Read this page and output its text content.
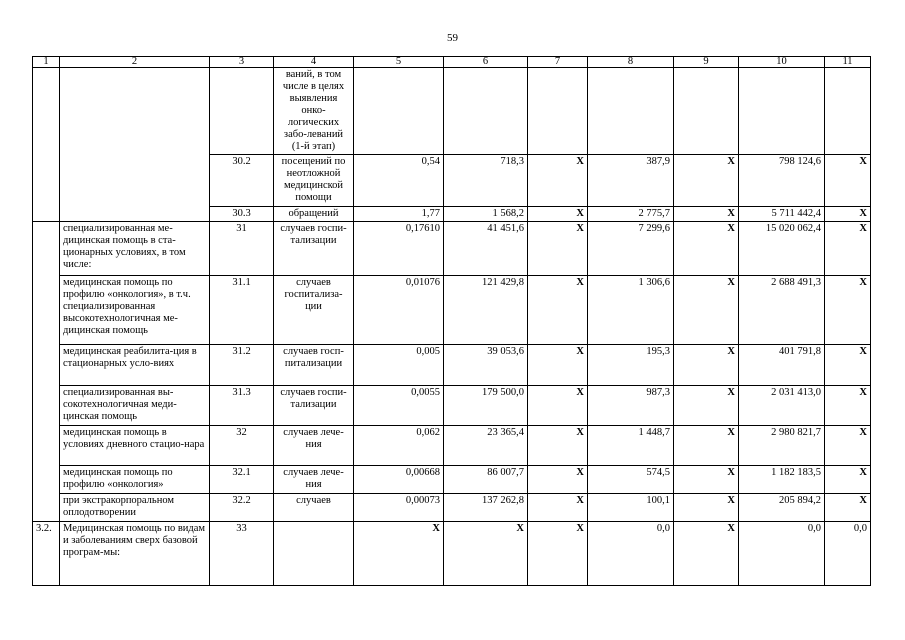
59
1	2	3	4	5	6	7	8	9	10	11
			ваний, в том числе в целях выявления онко-логических забо-леваний (1-й этап)							
		30.2	посещений по неотложной медицинской помощи	0,54	718,3	X	387,9	X	798 124,6	X
		30.3	обращений	1,77	1 568,2	X	2 775,7	X	5 711 442,4	X
	специализированная ме-дицинская помощь в ста-ционарных условиях, в том числе:	31	случаев госпи-тализации	0,17610	41 451,6	X	7 299,6	X	15 020 062,4	X
	медицинская помощь по профилю «онкология», в т.ч. специализированная высокотехнологичная ме-дицинская помощь	31.1	случаев госпитализа-ции	0,01076	121 429,8	X	1 306,6	X	2 688 491,3	X
	медицинская реабилита-ция в стационарных усло-виях	31.2	случаев госп-питализации	0,005	39 053,6	X	195,3	X	401 791,8	X
	специализированная вы-сокотехнологичная меди-цинская помощь	31.3	случаев госпи-тализации	0,0055	179 500,0	X	987,3	X	2 031 413,0	X
	медицинская помощь в условиях дневного стацио-нара	32	случаев лече-ния	0,062	23 365,4	X	1 448,7	X	2 980 821,7	X
	медицинская помощь по профилю «онкология»	32.1	случаев лече-ния	0,00668	86 007,7	X	574,5	X	1 182 183,5	X
	при экстракорпоральном оплодотворении	32.2	случаев	0,00073	137 262,8	X	100,1	X	205 894,2	X
3.2.	Медицинская помощь по видам и заболеваниям сверх базовой програм-мы:	33		X	X	X	0,0	X	0,0	0,0
